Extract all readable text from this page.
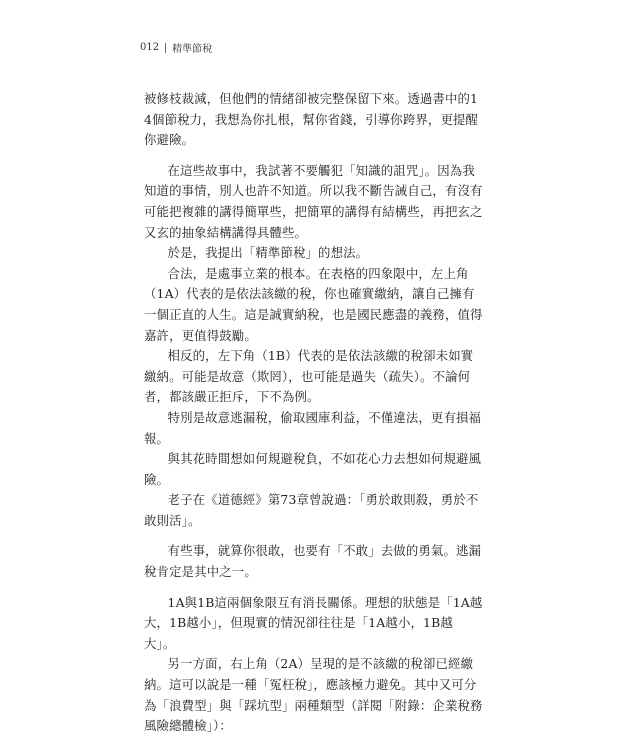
012 精準節稅

被修枝裁減，但他們的情緒卻被完整保留下來。透過書中的14個節稅力，我想為你扎根，幫你省錢，引導你跨界，更提醒你避險。

在這些故事中，我試著不要觸犯「知識的詛咒」。因為我知道的事情，別人也許不知道。所以我不斷告誡自己，有沒有可能把複雜的講得簡單些，把簡單的講得有結構些，再把玄之又玄的抽象結構講得具體些。

於是，我提出「精準節稅」的想法。

合法，是處事立業的根本。在表格的四象限中，左上角（1A）代表的是依法該繳的稅，你也確實繳納，讓自己擁有一個正直的人生。這是誠實納稅，也是國民應盡的義務，值得嘉許，更值得鼓勵。

相反的，左下角（1B）代表的是依法該繳的稅卻未如實繳納。可能是故意（欺罔），也可能是過失（疏失）。不論何者，都該嚴正拒斥，下不為例。

特別是故意逃漏稅，偷取國庫利益，不僅違法，更有損福報。

與其花時間想如何規避稅負，不如花心力去想如何規避風險。

老子在《道德經》第73章曾說過：「勇於敢則殺，勇於不敢則活」。

有些事，就算你很敢，也要有「不敢」去做的勇氣。逃漏稅肯定是其中之一。

1A與1B這兩個象限互有消長關係。理想的狀態是「1A越大，1B越小」，但現實的情況卻往往是「1A越小，1B越大」。

另一方面，右上角（2A）呈現的是不該繳的稅卻已經繳納。這可以說是一種「冤枉稅」，應該極力避免。其中又可分為「浪費型」與「踩坑型」兩種類型（詳閱「附錄：企業稅務風險總體檢」）：
